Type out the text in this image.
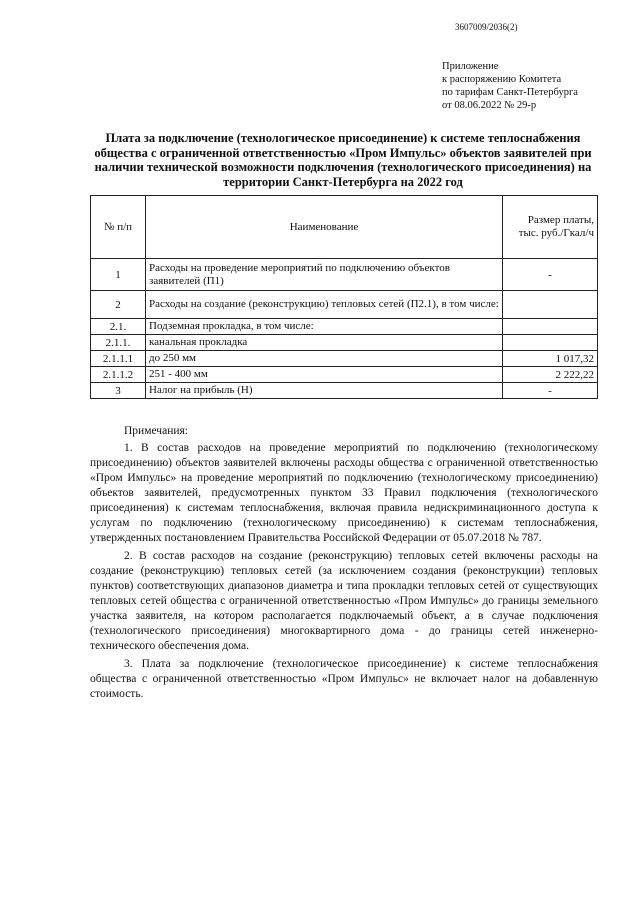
3607009/2036(2)
Приложение
к распоряжению Комитета
по тарифам Санкт-Петербурга
от 08.06.2022 № 29-р
Плата за подключение (технологическое присоединение) к системе теплоснабжения общества с ограниченной ответственностью «Пром Импульс» объектов заявителей при наличии технической возможности подключения (технологического присоединения) на территории Санкт-Петербурга на 2022 год
№ п/п	Наименование	Размер платы, тыс. руб./Гкал/ч
1	Расходы на проведение мероприятий по подключению объектов заявителей (П1)	-
2	Расходы на создание (реконструкцию) тепловых сетей (П2.1), в том числе:	
2.1.	Подземная прокладка, в том числе:	
2.1.1.	канальная прокладка	
2.1.1.1	до 250 мм	1 017,32
2.1.1.2	251 - 400 мм	2 222,22
3	Налог на прибыль (Н)	-
Примечания:

1. В состав расходов на проведение мероприятий по подключению (технологическому присоединению) объектов заявителей включены расходы общества с ограниченной ответственностью «Пром Импульс» на проведение мероприятий по подключению (технологическому присоединению) объектов заявителей, предусмотренных пунктом 33 Правил подключения (технологического присоединения) к системам теплоснабжения, включая правила недискриминационного доступа к услугам по подключению (технологическому присоединению) к системам теплоснабжения, утвержденных постановлением Правительства Российской Федерации от 05.07.2018 № 787.

2. В состав расходов на создание (реконструкцию) тепловых сетей включены расходы на создание (реконструкцию) тепловых сетей (за исключением создания (реконструкции) тепловых пунктов) соответствующих диапазонов диаметра и типа прокладки тепловых сетей от существующих тепловых сетей общества с ограниченной ответственностью «Пром Импульс» до границы земельного участка заявителя, на котором располагается подключаемый объект, а в случае подключения (технологического присоединения) многоквартирного дома - до границы сетей инженерно-технического обеспечения дома.

3. Плата за подключение (технологическое присоединение) к системе теплоснабжения общества с ограниченной ответственностью «Пром Импульс» не включает налог на добавленную стоимость.
